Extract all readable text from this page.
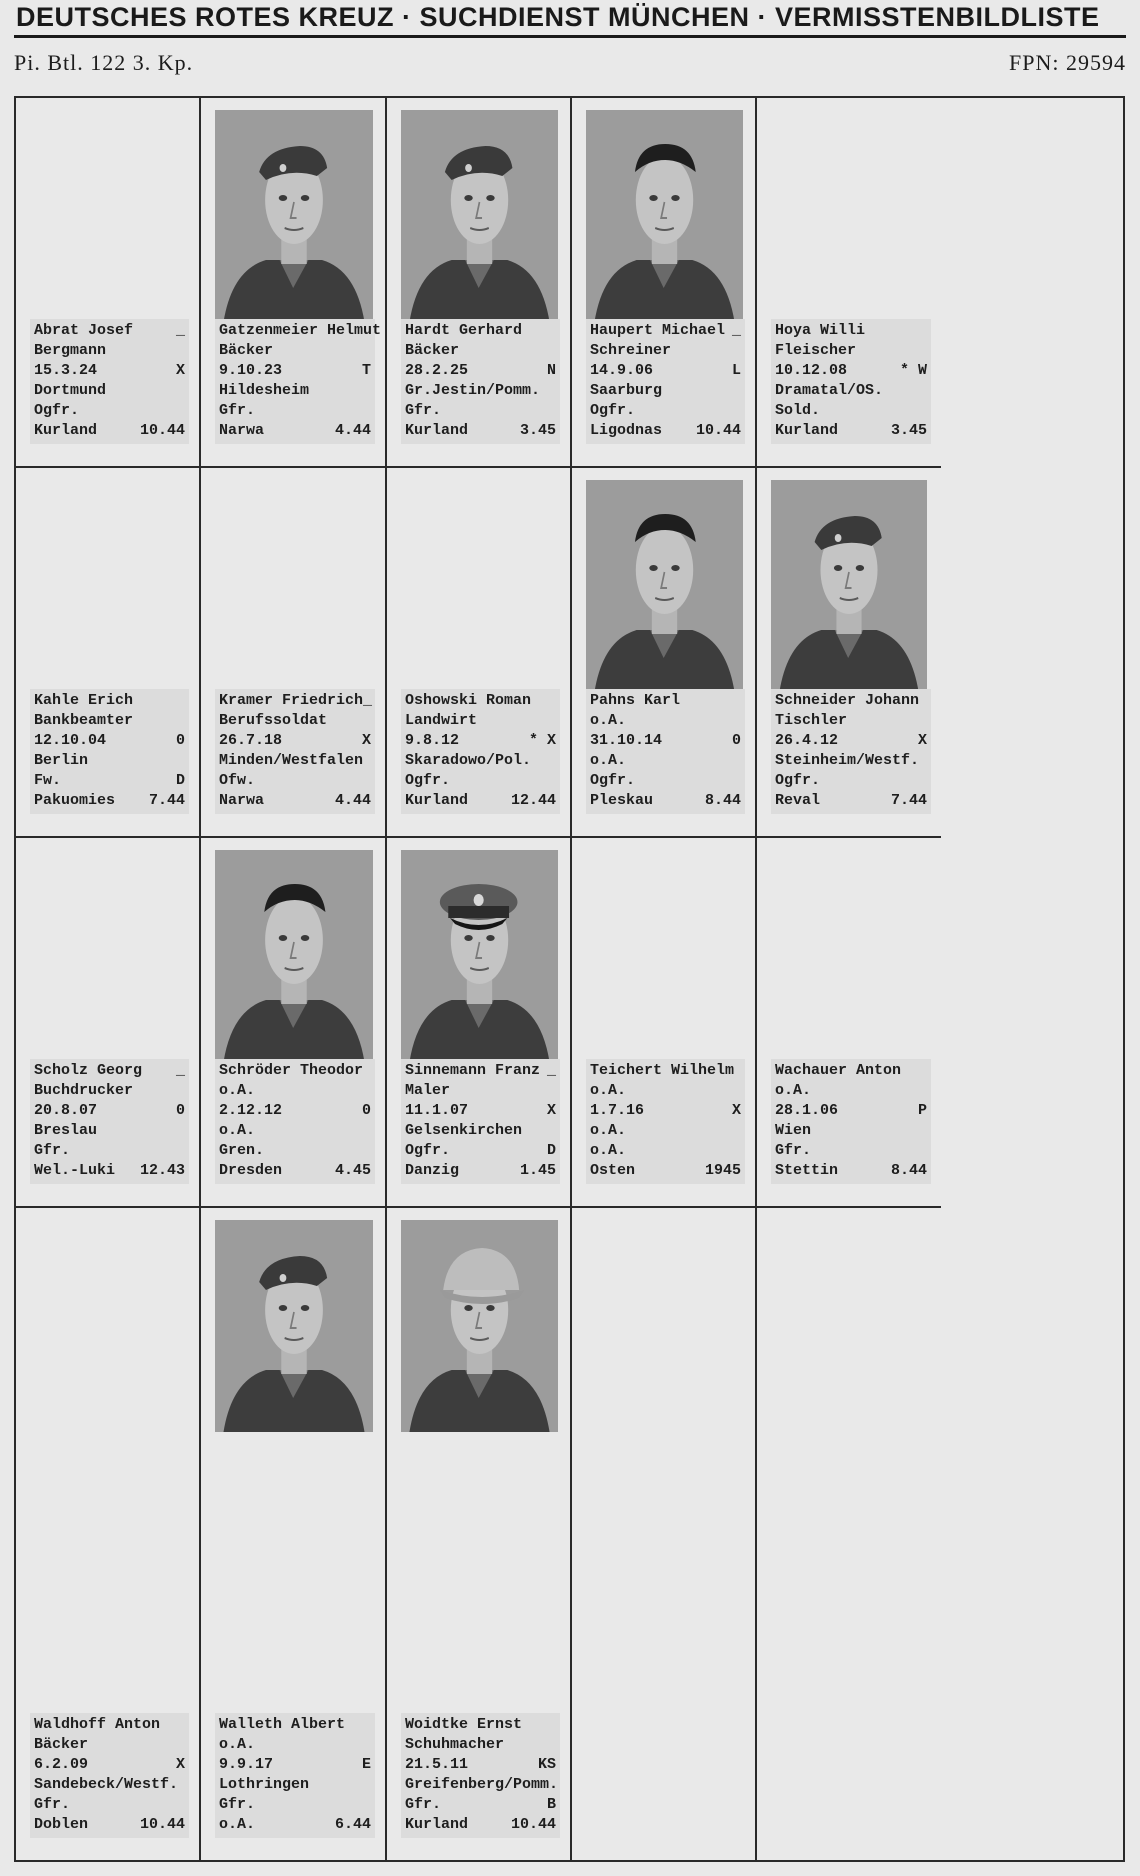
DEUTSCHES ROTES KREUZ · SUCHDIENST MÜNCHEN · VERMISSTENBILDLISTE
Pi. Btl. 122 3. Kp.	FPN: 29594
Abrat Josef	_
Bergmann
15.3.24	X
Dortmund
Ogfr.
Kurland	10.44
Gatzenmeier Helmut
Bäcker
9.10.23	T
Hildesheim
Gfr.
Narwa	4.44
Hardt Gerhard
Bäcker
28.2.25	N
Gr.Jestin/Pomm.
Gfr.
Kurland	3.45
Haupert Michael _
Schreiner
14.9.06	L
Saarburg
Ogfr.
Ligodnas 10.44
Hoya Willi
Fleischer
10.12.08	* W
Dramatal/OS.
Sold.
Kurland	3.45
Kahle Erich
Bankbeamter
12.10.04	0
Berlin
Fw.	D
Pakuomies 7.44
Kramer Friedrich _
Berufssoldat
26.7.18	X
Minden/Westfalen
Ofw.
Narwa	4.44
Oshowski Roman
Landwirt
9.8.12	* X
Skaradowo/Pol.
Ogfr.
Kurland	12.44
Pahns Karl
o.A.
31.10.14	0
o.A.
Ogfr.
Pleskau	8.44
Schneider Johann
Tischler
26.4.12	X
Steinheim/Westf.
Ogfr.
Reval	7.44
Scholz Georg _
Buchdrucker
20.8.07	0
Breslau
Gfr.
Wel.-Luki 12.43
Schröder Theodor
o.A.
2.12.12	0
o.A.
Gren.
Dresden	4.45
Sinnemann Franz _
Maler
11.1.07	X
Gelsenkirchen
Ogfr.	D
Danzig	1.45
Teichert Wilhelm
o.A.
1.7.16	X
o.A.
o.A.
Osten	1945
Wachauer Anton
o.A.
28.1.06	P
Wien
Gfr.
Stettin	8.44
Waldhoff Anton
Bäcker
6.2.09	X
Sandebeck/Westf.
Gfr.
Doblen	10.44
Walleth Albert
o.A.
9.9.17	E
Lothringen
Gfr.
o.A.	6.44
Woidtke Ernst
Schuhmacher
21.5.11	KS
Greifenberg/Pomm.
Gfr.	B
Kurland	10.44
